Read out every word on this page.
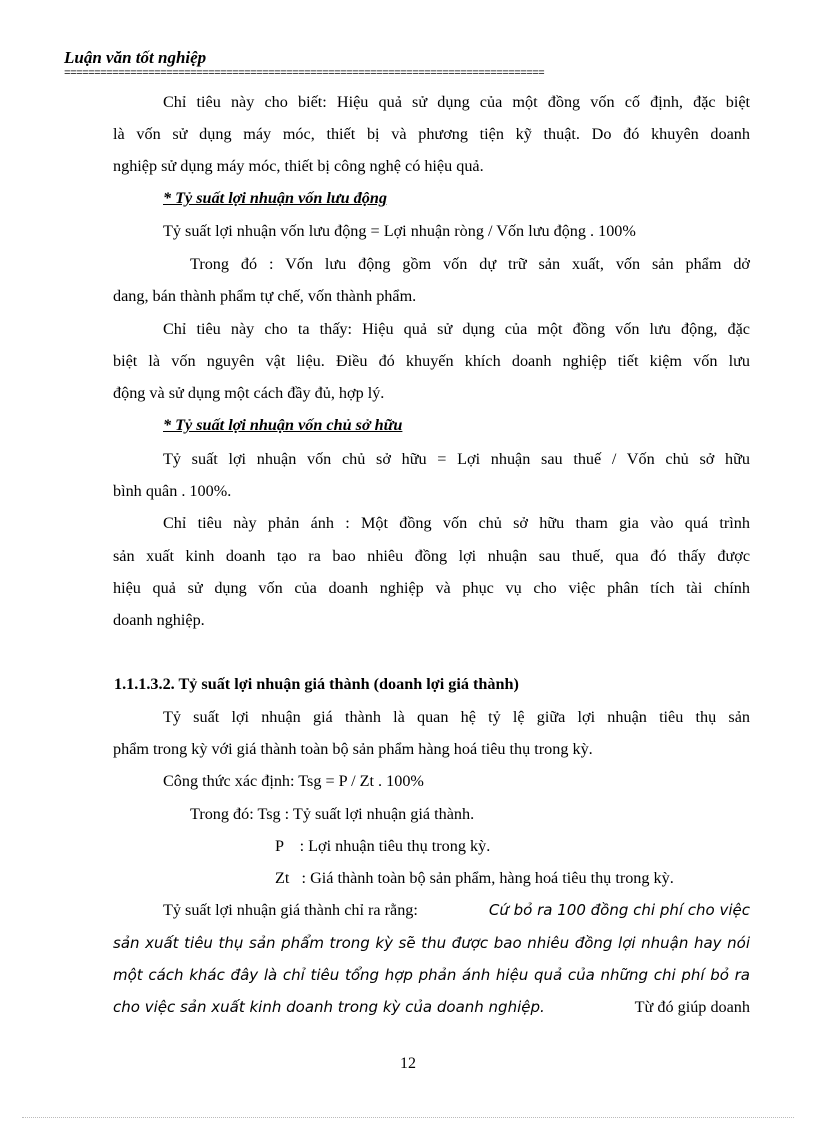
Luận văn tốt nghiệp
================================================================================
Chỉ tiêu này cho biết: Hiệu quả sử dụng của một đồng vốn cố định, đặc biệt
là vốn sử dụng máy móc, thiết bị và phương tiện kỹ thuật. Do đó khuyên doanh
nghiệp sử dụng máy móc, thiết bị công nghệ có hiệu quả.
* Tỷ suất lợi nhuận vốn lưu động
Tỷ suất lợi nhuận vốn lưu động = Lợi nhuận ròng / Vốn lưu động . 100%
Trong đó : Vốn lưu động gồm vốn dự trữ sản xuất, vốn sản phẩm dở
dang, bán thành phẩm tự chế, vốn thành phẩm.
Chỉ tiêu này cho ta thấy: Hiệu quả sử dụng của một đồng vốn lưu động, đặc
biệt là vốn nguyên vật liệu. Điều đó khuyến khích doanh nghiệp tiết kiệm vốn lưu
động và sử dụng một cách đầy đủ, hợp lý.
* Tỷ suất lợi nhuận vốn chủ sở hữu
Tỷ suất lợi nhuận vốn chủ sở hữu = Lợi nhuận sau thuế / Vốn chủ sở hữu
bình quân . 100%.
Chỉ tiêu này phản ánh : Một đồng vốn chủ sở hữu tham gia vào quá trình
sản xuất kinh doanh tạo ra bao nhiêu đồng lợi nhuận sau thuế, qua đó thấy được
hiệu quả sử dụng vốn của doanh nghiệp và phục vụ cho việc phân tích tài chính
doanh nghiệp.
1.1.1.3.2. Tỷ suất lợi nhuận giá thành (doanh lợi giá thành)
Tỷ suất lợi nhuận giá thành là quan hệ tỷ lệ giữa lợi nhuận tiêu thụ sản
phẩm trong kỳ với giá thành toàn bộ sản phẩm hàng hoá tiêu thụ trong kỳ.
Công thức xác định: Tsg = P / Zt . 100%
Trong đó: Tsg : Tỷ suất lợi nhuận giá thành.
P    : Lợi nhuận tiêu thụ trong kỳ.
Zt   : Giá thành toàn bộ sản phẩm, hàng hoá tiêu thụ trong kỳ.
Tỷ suất lợi nhuận giá thành chỉ ra rằng:	Cứ bỏ ra 100 đồng chi phí cho việc
sản xuất tiêu thụ sản phẩm trong kỳ sẽ thu được bao nhiêu đồng lợi nhuận hay nói
một cách khác đây là chỉ tiêu tổng hợp phản ánh hiệu quả của những chi phí bỏ ra
cho việc sản xuất kinh doanh trong kỳ của doanh nghiệp.	Từ đó giúp doanh
12
